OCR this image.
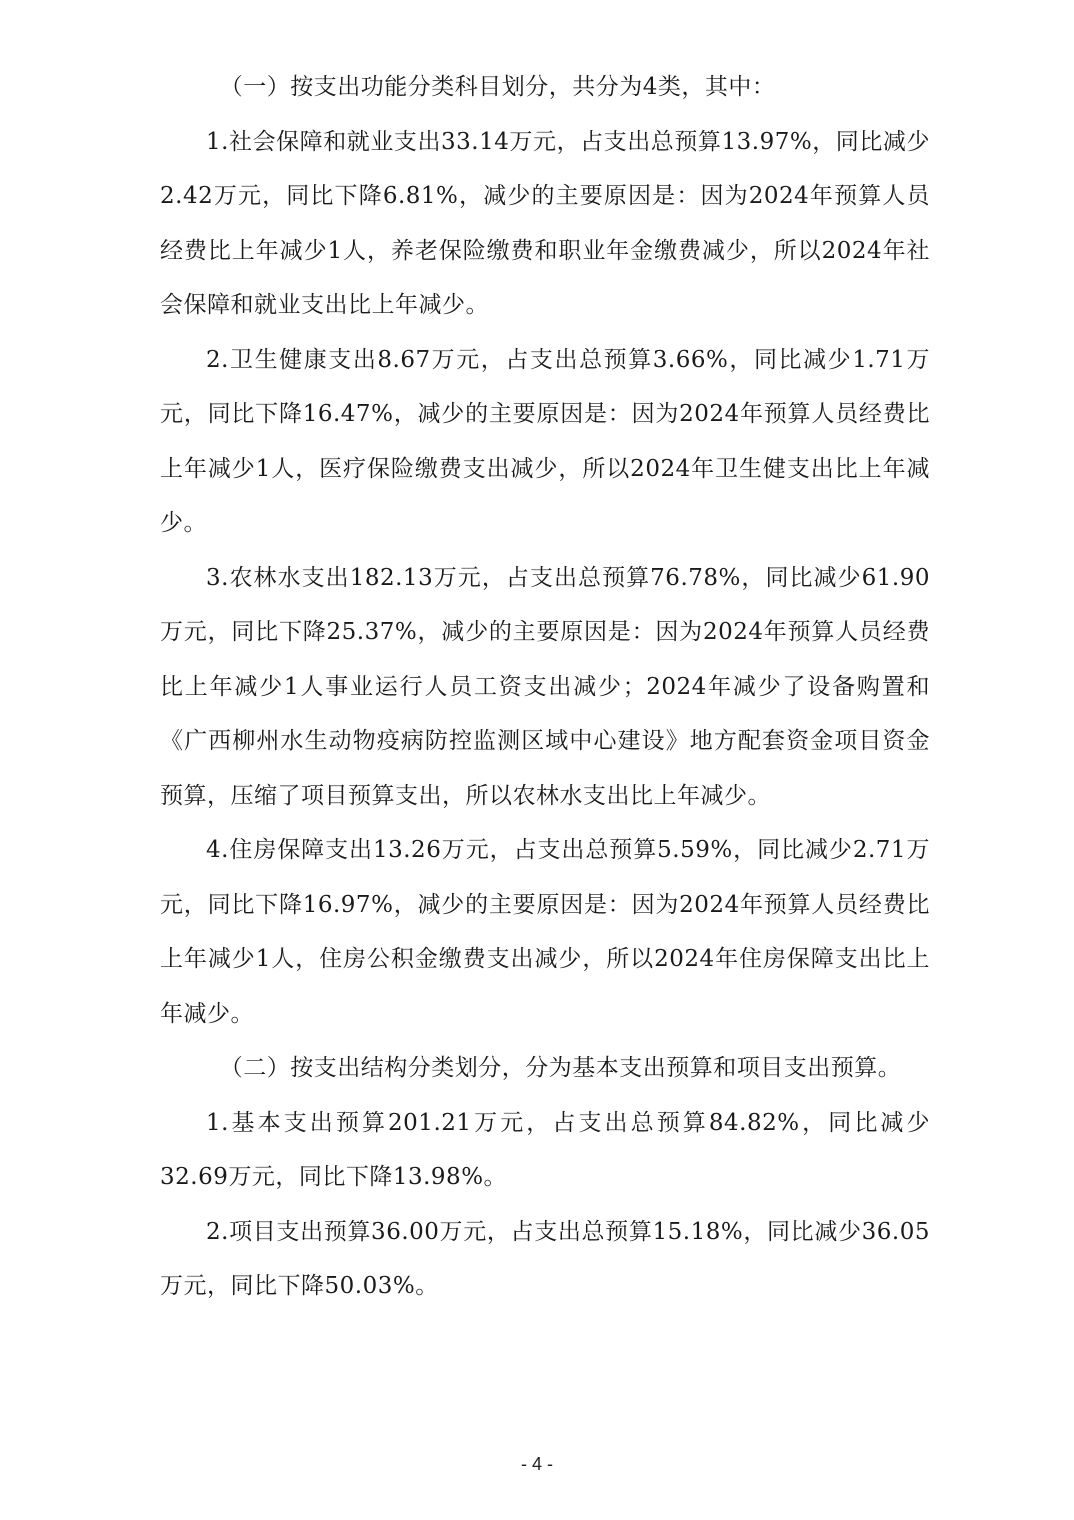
（一）按支出功能分类科目划分，共分为4类，其中：

1.社会保障和就业支出33.14万元，占支出总预算13.97%，同比减少2.42万元，同比下降6.81%，减少的主要原因是：因为2024年预算人员经费比上年减少1人，养老保险缴费和职业年金缴费减少，所以2024年社会保障和就业支出比上年减少。

2.卫生健康支出8.67万元，占支出总预算3.66%，同比减少1.71万元，同比下降16.47%，减少的主要原因是：因为2024年预算人员经费比上年减少1人，医疗保险缴费支出减少，所以2024年卫生健支出比上年减少。

3.农林水支出182.13万元，占支出总预算76.78%，同比减少61.90万元，同比下降25.37%，减少的主要原因是：因为2024年预算人员经费比上年减少1人事业运行人员工资支出减少；2024年减少了设备购置和《广西柳州水生动物疫病防控监测区域中心建设》地方配套资金项目资金预算，压缩了项目预算支出，所以农林水支出比上年减少。

4.住房保障支出13.26万元，占支出总预算5.59%，同比减少2.71万元，同比下降16.97%，减少的主要原因是：因为2024年预算人员经费比上年减少1人，住房公积金缴费支出减少，所以2024年住房保障支出比上年减少。

（二）按支出结构分类划分，分为基本支出预算和项目支出预算。

1.基本支出预算201.21万元，占支出总预算84.82%，同比减少32.69万元，同比下降13.98%。

2.项目支出预算36.00万元，占支出总预算15.18%，同比减少36.05万元，同比下降50.03%。

- 4 -
